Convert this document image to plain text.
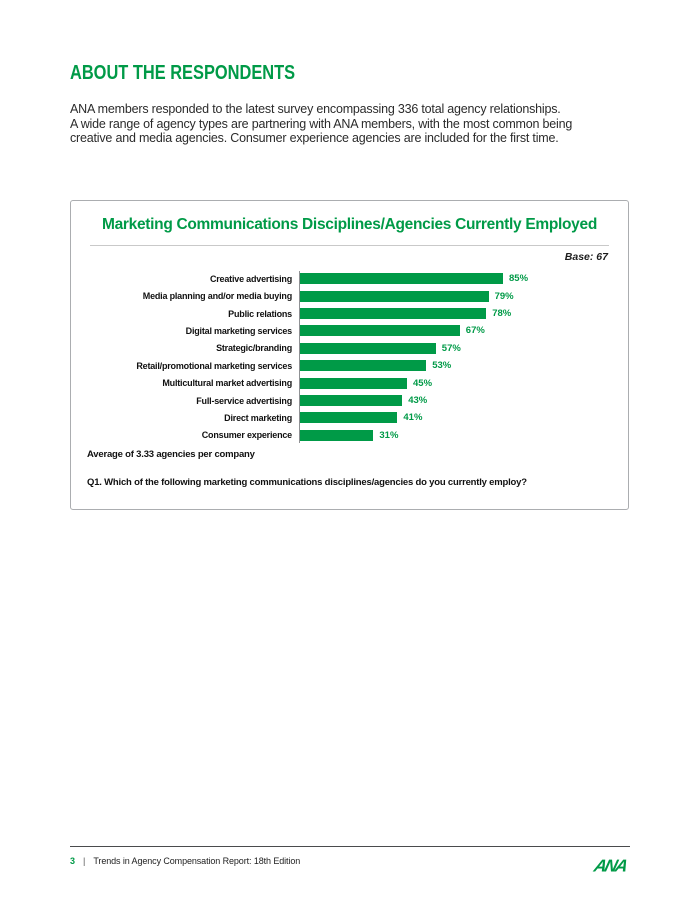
ABOUT THE RESPONDENTS
ANA members responded to the latest survey encompassing 336 total agency relationships.
A wide range of agency types are partnering with ANA members, with the most common being
creative and media agencies. Consumer experience agencies are included for the first time.
Marketing Communications Disciplines/Agencies Currently Employed
Base: 67
Creative advertising	85%
Media planning and/or media buying	79%
Public relations	78%
Digital marketing services	67%
Strategic/branding	57%
Retail/promotional marketing services	53%
Multicultural market advertising	45%
Full-service advertising	43%
Direct marketing	41%
Consumer experience	31%
Average of 3.33 agencies per company
Q1. Which of the following marketing communications disciplines/agencies do you currently employ?
3 | Trends in Agency Compensation Report: 18th Edition	ANA
